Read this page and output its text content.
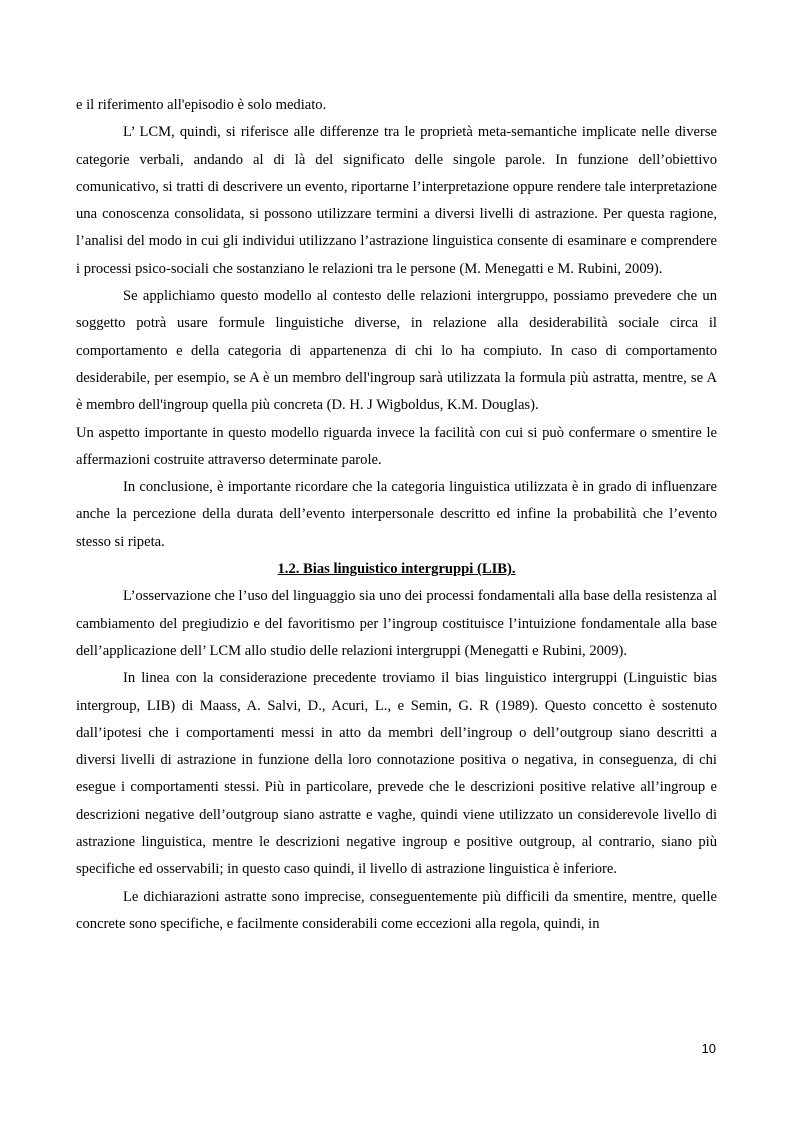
e il riferimento all'episodio è solo mediato.

L’ LCM, quindi, si riferisce alle differenze tra le proprietà meta-semantiche implicate nelle diverse categorie verbali, andando al di là del significato delle singole parole. In funzione dell’obiettivo comunicativo, si tratti di descrivere un evento, riportarne l’interpretazione oppure rendere tale interpretazione una conoscenza consolidata, si possono utilizzare termini a diversi livelli di astrazione. Per questa ragione, l’analisi del modo in cui gli individui utilizzano l’astrazione linguistica consente di esaminare e comprendere i processi psico-sociali che sostanziano le relazioni tra le persone (M. Menegatti e M. Rubini, 2009).

Se applichiamo questo modello al contesto delle relazioni intergruppo, possiamo prevedere che un soggetto potrà usare formule linguistiche diverse, in relazione alla desiderabilità sociale circa il comportamento e della categoria di appartenenza di chi lo ha compiuto. In caso di comportamento desiderabile, per esempio, se A è un membro dell'ingroup sarà utilizzata la formula più astratta, mentre, se A è membro dell'ingroup quella più concreta (D. H. J Wigboldus, K.M. Douglas).

Un aspetto importante in questo modello riguarda invece la facilità con cui si può confermare o smentire le affermazioni costruite attraverso determinate parole.

In conclusione, è importante ricordare che la categoria linguistica utilizzata è in grado di influenzare anche la percezione della durata dell’evento interpersonale descritto ed infine la probabilità che l’evento stesso si ripeta.

1.2. Bias linguistico intergruppi (LIB).

L’osservazione che l’uso del linguaggio sia uno dei processi fondamentali alla base della resistenza al cambiamento del pregiudizio e del favoritismo per l’ingroup costituisce l’intuizione fondamentale alla base dell’applicazione dell’ LCM allo studio delle relazioni intergruppi (Menegatti e Rubini, 2009).

In linea con la considerazione precedente troviamo il bias linguistico intergruppi (Linguistic bias intergroup, LIB) di Maass, A. Salvi, D., Acuri, L., e Semin, G. R (1989). Questo concetto è sostenuto dall’ipotesi che i comportamenti messi in atto da membri dell’ingroup o dell’outgroup siano descritti a diversi livelli di astrazione in funzione della loro connotazione positiva o negativa, in conseguenza, di chi esegue i comportamenti stessi. Più in particolare, prevede che le descrizioni positive relative all’ingroup e descrizioni negative dell’outgroup siano astratte e vaghe, quindi viene utilizzato un considerevole livello di astrazione linguistica, mentre le descrizioni negative ingroup e positive outgroup, al contrario, siano più specifiche ed osservabili; in questo caso quindi, il livello di astrazione linguistica è inferiore.

Le dichiarazioni astratte sono imprecise, conseguentemente più difficili da smentire, mentre, quelle concrete sono specifiche, e facilmente considerabili come eccezioni alla regola, quindi, in

10
